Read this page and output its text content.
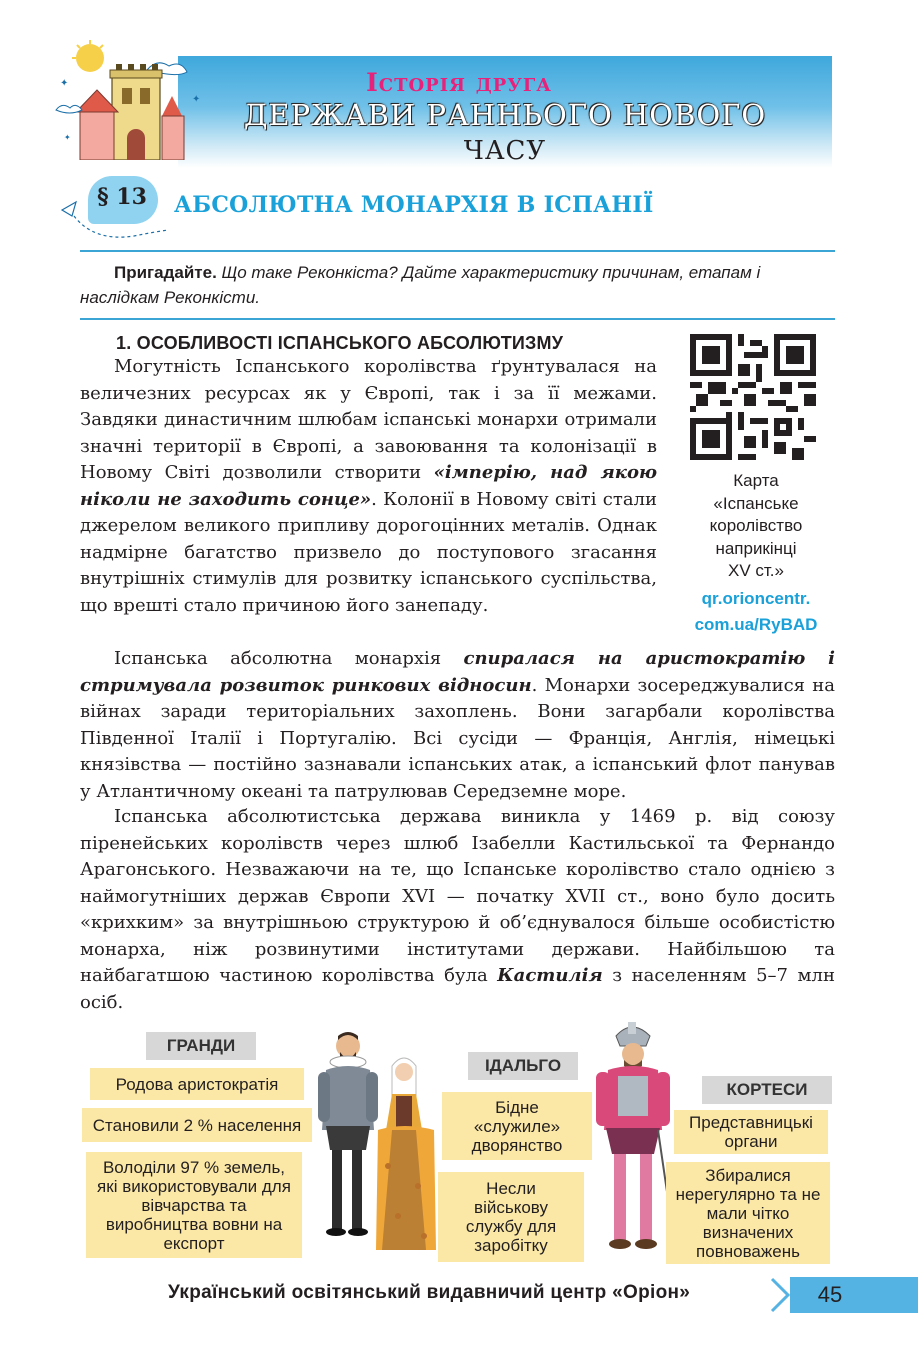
✦
✦
✦
Історія друга
ДЕРЖАВИ РАННЬОГО НОВОГО
ЧАСУ
§ 13	АБСОЛЮТНА МОНАРХІЯ В ІСПАНІЇ
Пригадайте. Що таке Реконкіста? Дайте характеристику причинам, етапам і наслідкам Реконкісти.
1. ОСОБЛИВОСТІ ІСПАНСЬКОГО АБСОЛЮТИЗМУ
Могутність Іспанського королівства ґрунтувалася на величезних ресурсах як у Європі, так і за її межами. Завдяки династичним шлюбам іспанські монархи отримали значні території в Європі, а завоювання та колонізації в Новому Світі дозволили створити «імперію, над якою ніколи не заходить сонце». Колонії в Новому світі стали джерелом великого припливу дорогоцінних металів. Однак надмірне багатство призвело до поступового згасання внутрішніх стимулів для розвитку іспанського суспільства, що врешті стало причиною його занепаду.
Іспанська абсолютна монархія спиралася на аристократію і стримувала розвиток ринкових відносин. Монархи зосереджувалися на війнах заради територіальних захоплень. Вони загарбали королівства Південної Італії і Португалію. Всі сусіди — Франція, Англія, німецькі князівства — постійно зазнавали іспанських атак, а іспанський флот панував у Атлантичному океані та патрулював Середземне море.
Іспанська абсолютистська держава виникла у 1469 р. від союзу піренейських королівств через шлюб Ізабелли Кастильської та Фернандо Арагонського. Незважаючи на те, що Іспанське королівство стало однією з наймогутніших держав Європи XVI — початку XVII ст., воно було досить «крихким» за внутрішньою структурою й об’єднувалося більше особистістю монарха, ніж розвинутими інститутами держави. Найбільшою та найбагатшою частиною королівства була Кастилія з населенням 5–7 млн осіб.
Карта
«Іспанське
королівство
наприкінці
XV ст.»
qr.orioncentr.
com.ua/RyBAD
ГРАНДИ
Родова аристократія
Становили 2 % населення
Володіли 97 % земель, які використовували для вівчарства та виробництва вовни на експорт
ІДАЛЬГО
Бідне «служиле» дворянство
Несли військову службу для заробітку
КОРТЕСИ
Представницькі органи
Збиралися нерегулярно та не мали чітко визначених повноважень
Український освітянський видавничий центр «Оріон»	45
